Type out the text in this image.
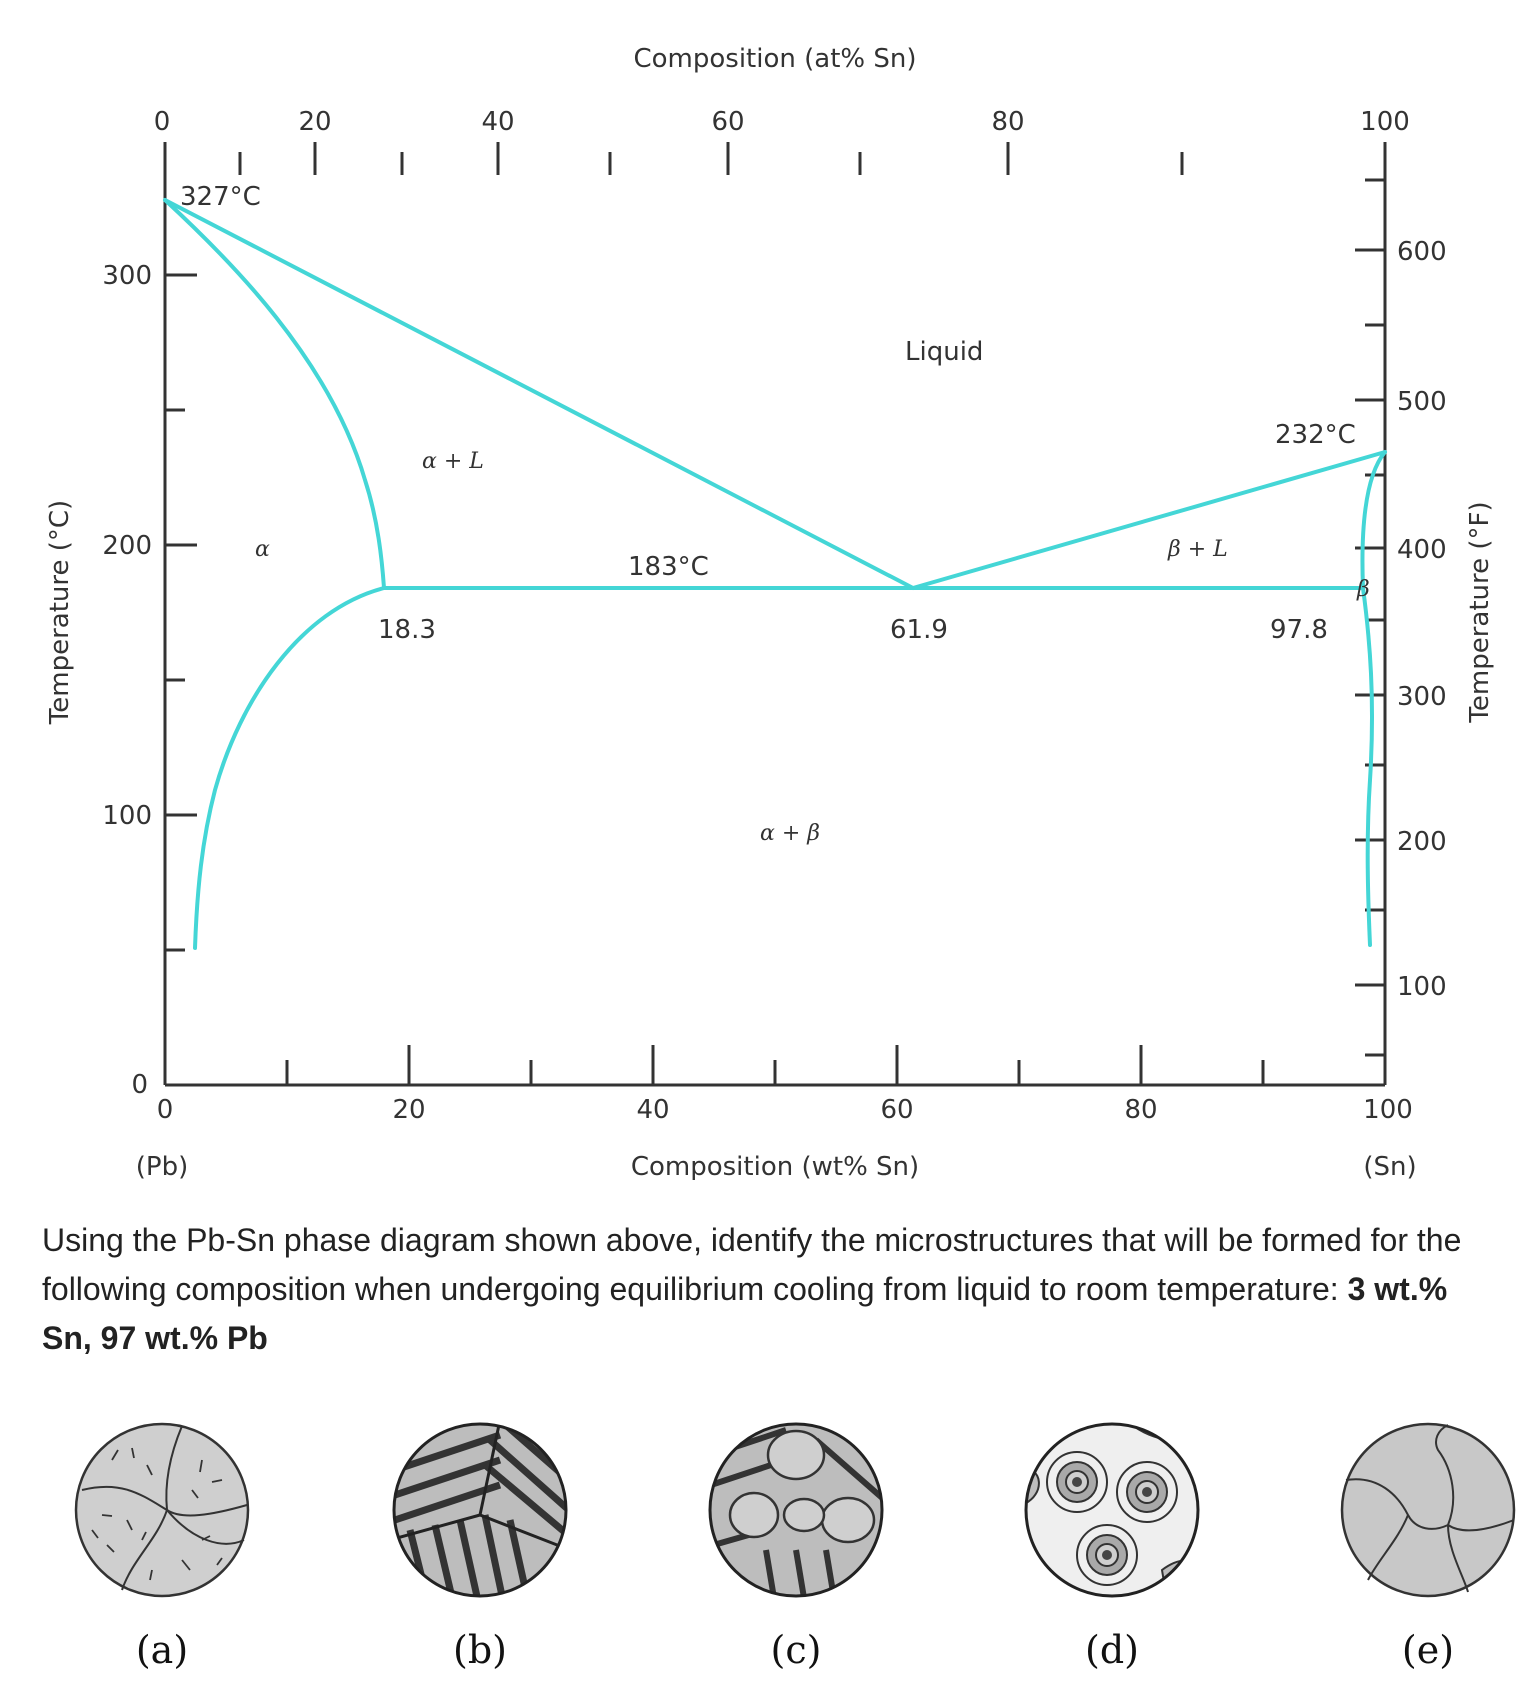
0	20	40	60	80	100
Composition (at% Sn)
0	20	40	60	80	100
(Pb)	(Sn)
Composition (wt% Sn)
0
100
200
300
Temperature (°C)
100
200
300
400
500
600
Temperature (°F)
327°C
232°C
183°C
18.3	61.9	97.8
Liquid
α
α + L
β + L
β
α + β

Using the Pb-Sn phase diagram shown above, identify the microstructures that will be formed for the following composition when undergoing equilibrium cooling from liquid to room temperature: 3 wt.% Sn, 97 wt.% Pb

(a)	(b)	(c)	(d)	(e)
